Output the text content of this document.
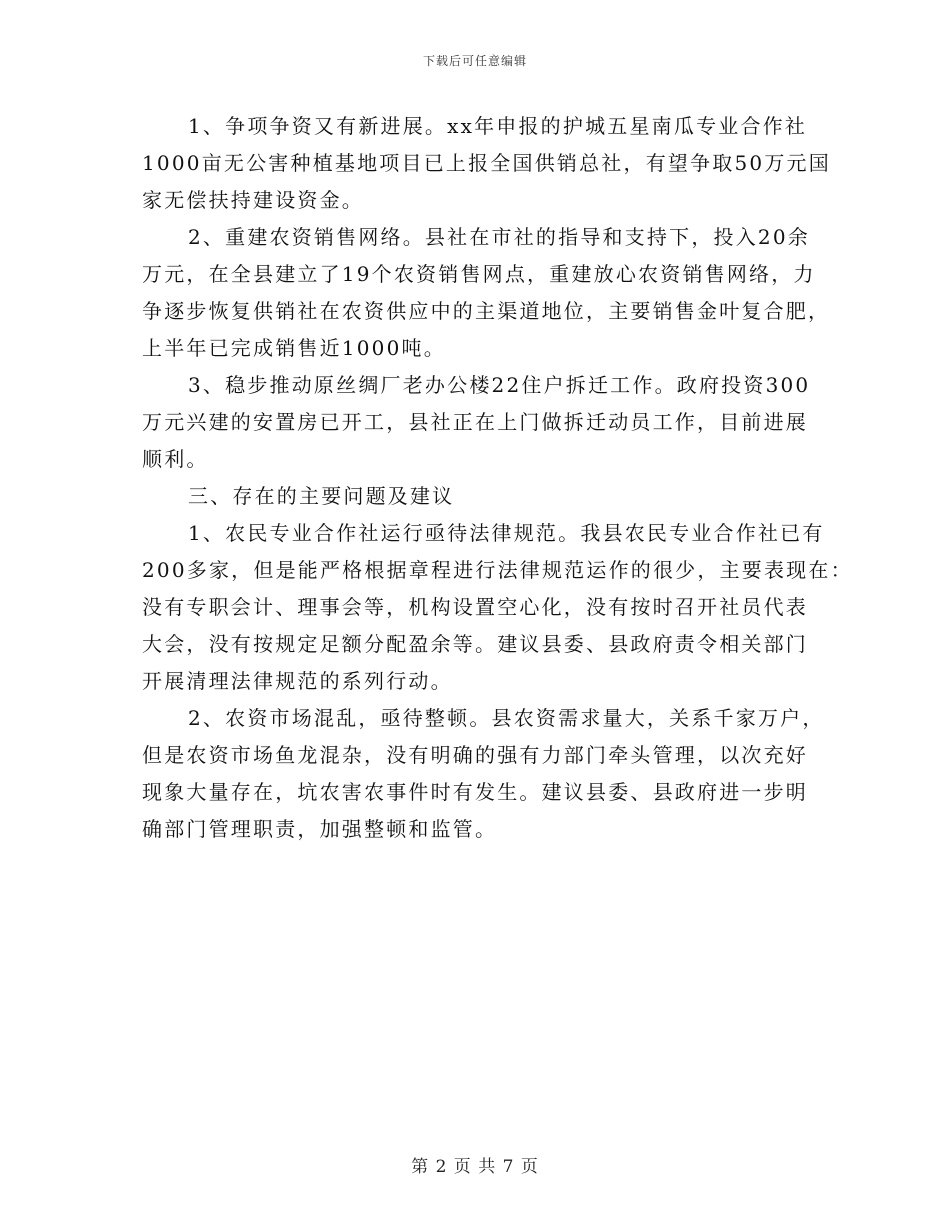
下载后可任意编辑
1、争项争资又有新进展。xx年申报的护城五星南瓜专业合作社
1000亩无公害种植基地项目已上报全国供销总社，有望争取50万元国
家无偿扶持建设资金。
2、重建农资销售网络。县社在市社的指导和支持下，投入20余
万元，在全县建立了19个农资销售网点，重建放心农资销售网络，力
争逐步恢复供销社在农资供应中的主渠道地位，主要销售金叶复合肥，
上半年已完成销售近1000吨。
3、稳步推动原丝绸厂老办公楼22住户拆迁工作。政府投资300
万元兴建的安置房已开工，县社正在上门做拆迁动员工作，目前进展
顺利。
三、存在的主要问题及建议
1、农民专业合作社运行亟待法律规范。我县农民专业合作社已有
200多家，但是能严格根据章程进行法律规范运作的很少，主要表现在：
没有专职会计、理事会等，机构设置空心化，没有按时召开社员代表
大会，没有按规定足额分配盈余等。建议县委、县政府责令相关部门
开展清理法律规范的系列行动。
2、农资市场混乱，亟待整顿。县农资需求量大，关系千家万户，
但是农资市场鱼龙混杂，没有明确的强有力部门牵头管理，以次充好
现象大量存在，坑农害农事件时有发生。建议县委、县政府进一步明
确部门管理职责，加强整顿和监管。
第 2 页 共 7 页
